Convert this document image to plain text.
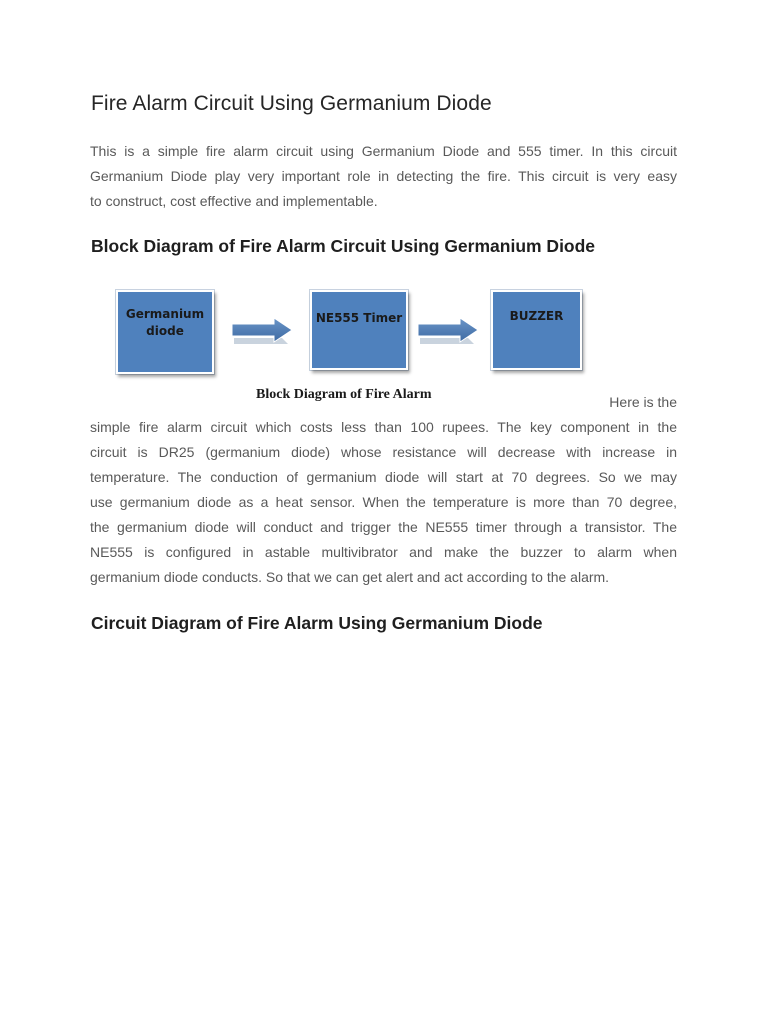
Fire Alarm Circuit Using Germanium Diode

This is a simple fire alarm circuit using Germanium Diode and 555 timer. In this circuit
Germanium Diode play very important role in detecting the fire. This circuit is very easy
to construct, cost effective and implementable.

Block Diagram of Fire Alarm Circuit Using Germanium Diode
Germanium
diode
NE555 Timer	BUZZER

Block Diagram of Fire Alarm	Here is the
simple fire alarm circuit which costs less than 100 rupees. The key component in the
circuit is DR25 (germanium diode) whose resistance will decrease with increase in
temperature. The conduction of germanium diode will start at 70 degrees. So we may
use germanium diode as a heat sensor. When the temperature is more than 70 degree,
the germanium diode will conduct and trigger the NE555 timer through a transistor. The
NE555 is configured in astable multivibrator and make the buzzer to alarm when
germanium diode conducts. So that we can get alert and act according to the alarm.

Circuit Diagram of Fire Alarm Using Germanium Diode
